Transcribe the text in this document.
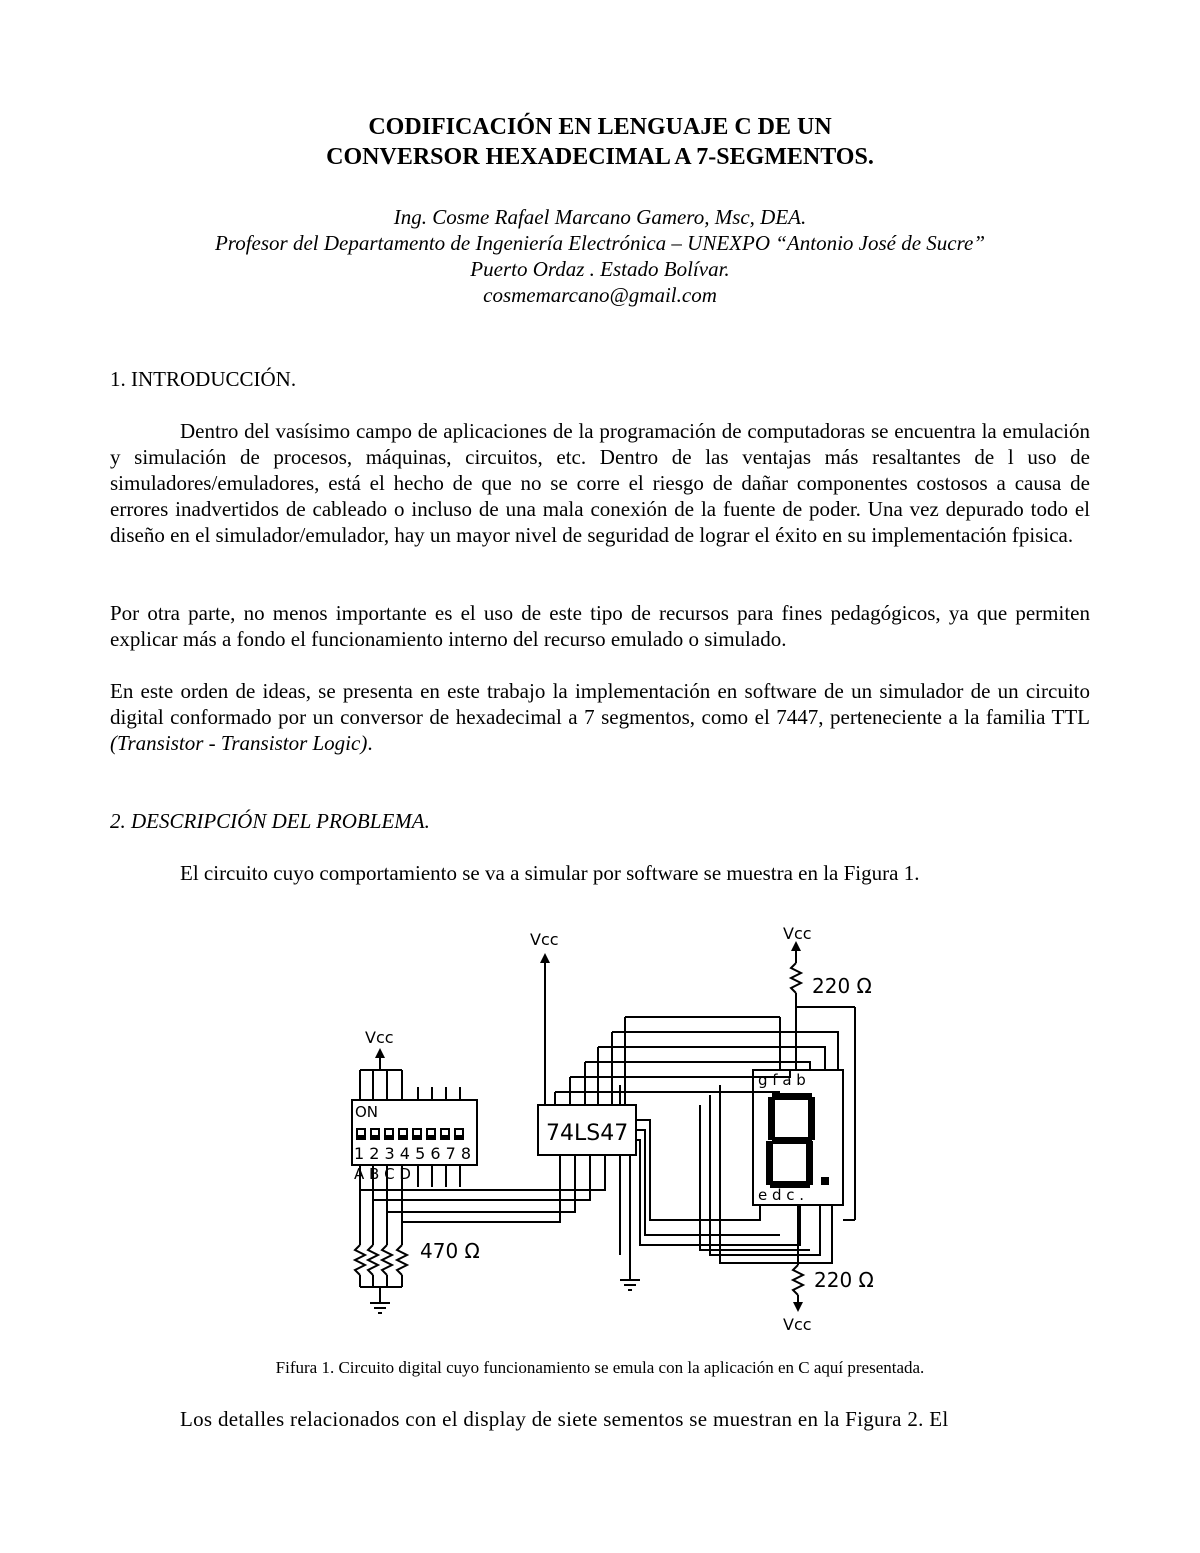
CODIFICACIÓN EN LENGUAJE C DE UN
CONVERSOR HEXADECIMAL A 7-SEGMENTOS.
Ing. Cosme Rafael Marcano Gamero, Msc, DEA.
Profesor del Departamento de Ingeniería Electrónica – UNEXPO “Antonio José de Sucre”
Puerto Ordaz . Estado Bolívar.
cosmemarcano@gmail.com
1. INTRODUCCIÓN.
Dentro del vasísimo campo de aplicaciones de la programación de computadoras se encuentra la emulación y simulación de procesos, máquinas, circuitos, etc. Dentro de las ventajas más resaltantes de l uso de simuladores/emuladores, está el hecho de que no se corre el riesgo de dañar componentes costosos a causa de errores inadvertidos de cableado o incluso de una mala conexión de la fuente de poder. Una vez depurado todo el diseño en el simulador/emulador, hay un mayor nivel de seguridad de lograr el éxito en su implementación fpisica.
Por otra parte, no menos importante es el uso de este tipo de recursos para fines pedagógicos, ya que permiten explicar más a fondo el funcionamiento interno del recurso emulado o simulado.
En este orden de ideas, se presenta en este trabajo la implementación en software de un simulador de un circuito digital conformado por un conversor de hexadecimal a 7 segmentos, como el 7447, perteneciente a la familia TTL (Transistor - Transistor Logic).
2. DESCRIPCIÓN DEL PROBLEMA.
El circuito cuyo comportamiento se va a simular por software se muestra en la Figura 1.
Vcc	Vcc
Vcc
Vcc
220 Ω
220 Ω
470 Ω
74LS47
ON
1 2 3 4 5 6 7 8
A B C D
g f a b
e d c .
Fifura 1. Circuito digital cuyo funcionamiento se emula con la aplicación en C aquí presentada.
Los detalles relacionados con el display de siete sementos se muestran en la Figura 2. El
